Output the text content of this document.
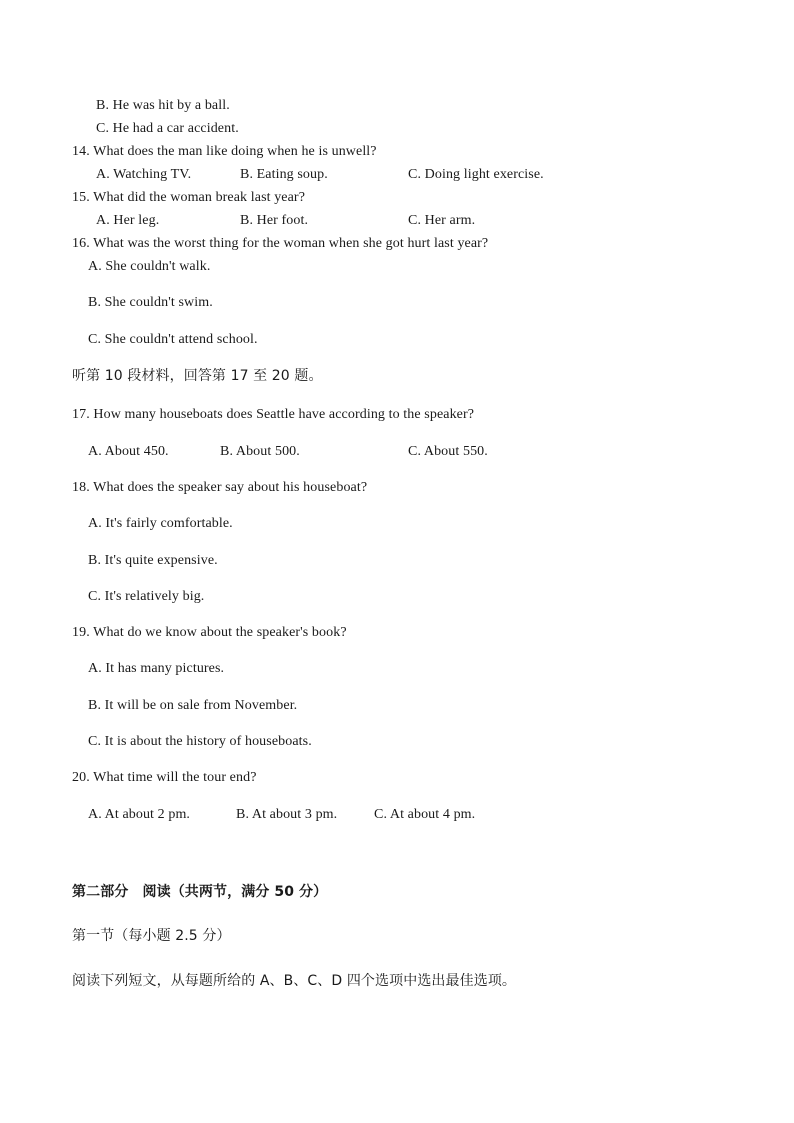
B. He was hit by a ball.
C. He had a car accident.
14. What does the man like doing when he is unwell?
A. Watching TV.	B. Eating soup.	C. Doing light exercise.
15. What did the woman break last year?
A. Her leg.	B. Her foot.	C. Her arm.
16. What was the worst thing for the woman when she got hurt last year?
A. She couldn't walk.
B. She couldn't swim.
C. She couldn't attend school.
听第 10 段材料，回答第 17 至 20 题。
17. How many houseboats does Seattle have according to the speaker?
A. About 450.	B. About 500.	C. About 550.
18. What does the speaker say about his houseboat?
A. It's fairly comfortable.
B. It's quite expensive.
C. It's relatively big.
19. What do we know about the speaker's book?
A. It has many pictures.
B. It will be on sale from November.
C. It is about the history of houseboats.
20. What time will the tour end?
A. At about 2 pm.	B. At about 3 pm.	C. At about 4 pm.
第二部分　阅读（共两节，满分 50 分）
第一节（每小题 2.5 分）
阅读下列短文，从每题所给的 A、B、C、D 四个选项中选出最佳选项。
